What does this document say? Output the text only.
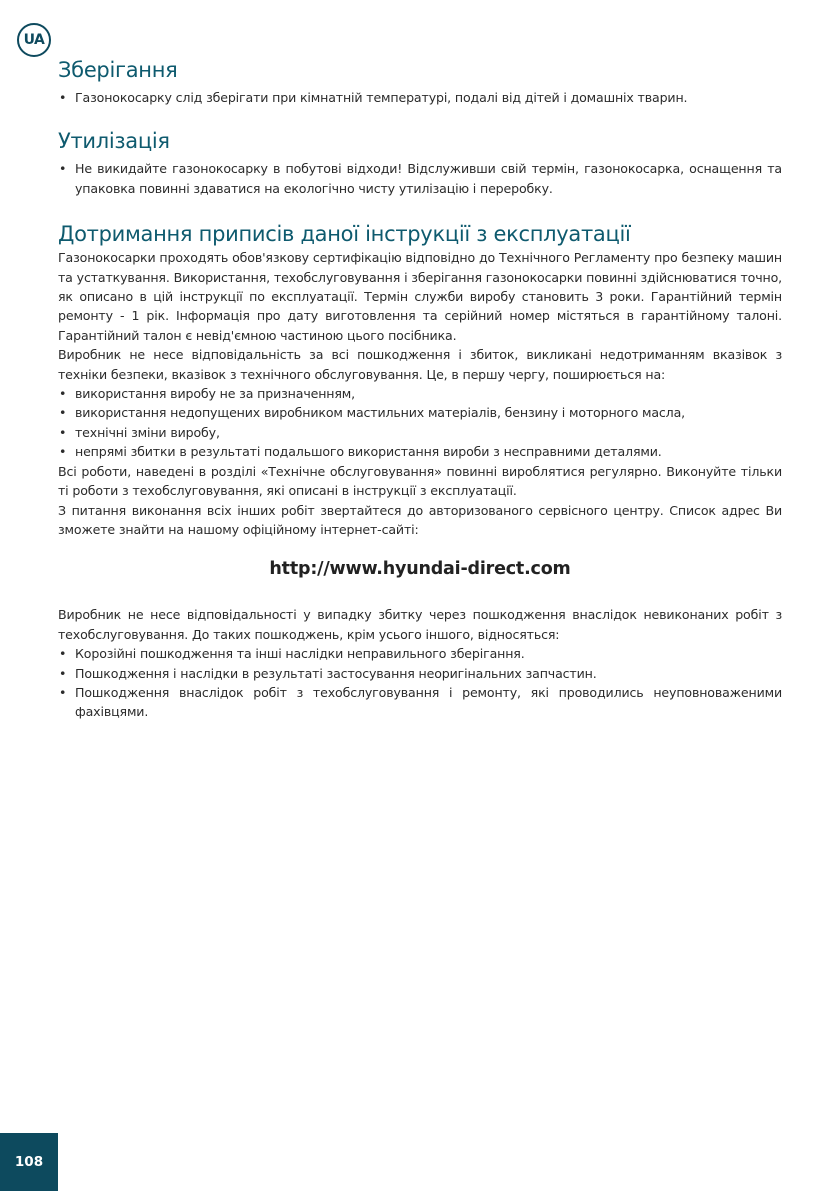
UA
Зберігання
• Газонокосарку слід зберігати при кімнатній температурі, подалі від дітей і домашніх тварин.
Утилізація
• Не викидайте газонокосарку в побутові відходи! Відслуживши свій термін, газонокосарка, оснащення та упаковка повинні здаватися на екологічно чисту утилізацію і переробку.
Дотримання приписів даної інструкції з експлуатації

Газонокосарки проходять обов'язкову сертифікацію відповідно до Технічного Регламенту про безпеку машин та устаткування. Використання, техобслуговування і зберігання газонокосарки повинні здійснюватися точно, як описано в цій інструкції по експлуатації. Термін служби виробу становить 3 роки. Гарантійний термін ремонту - 1 рік. Інформація про дату виготовлення та серійний номер містяться в гарантійному талоні. Гарантійний талон є невід'ємною частиною цього посібника.

Виробник не несе відповідальність за всі пошкодження і збиток, викликані недотриманням вказівок з техніки безпеки, вказівок з технічного обслуговування. Це, в першу чергу, поширюється на:

• використання виробу не за призначенням,
• використання недопущених виробником мастильних матеріалів, бензину і моторного масла,
• технічні зміни виробу,
• непрямі збитки в результаті подальшого використання вироби з несправними деталями.

Всі роботи, наведені в розділі «Технічне обслуговування» повинні вироблятися регулярно. Виконуйте тільки ті роботи з техобслуговування, які описані в інструкції з експлуатації.

З питання виконання всіх інших робіт звертайтеся до авторизованого сервісного центру. Список адрес Ви зможете знайти на нашому офіційному інтернет-сайті:

http://www.hyundai-direct.com

Виробник не несе відповідальності у випадку збитку через пошкодження внаслідок невиконаних робіт з техобслуговування. До таких пошкоджень, крім усього іншого, відносяться:

• Корозійні пошкодження та інші наслідки неправильного зберігання.
• Пошкодження і наслідки в результаті застосування неоригінальних запчастин.
• Пошкодження внаслідок робіт з техобслуговування і ремонту, які проводились неуповноваженими фахівцями.
108
